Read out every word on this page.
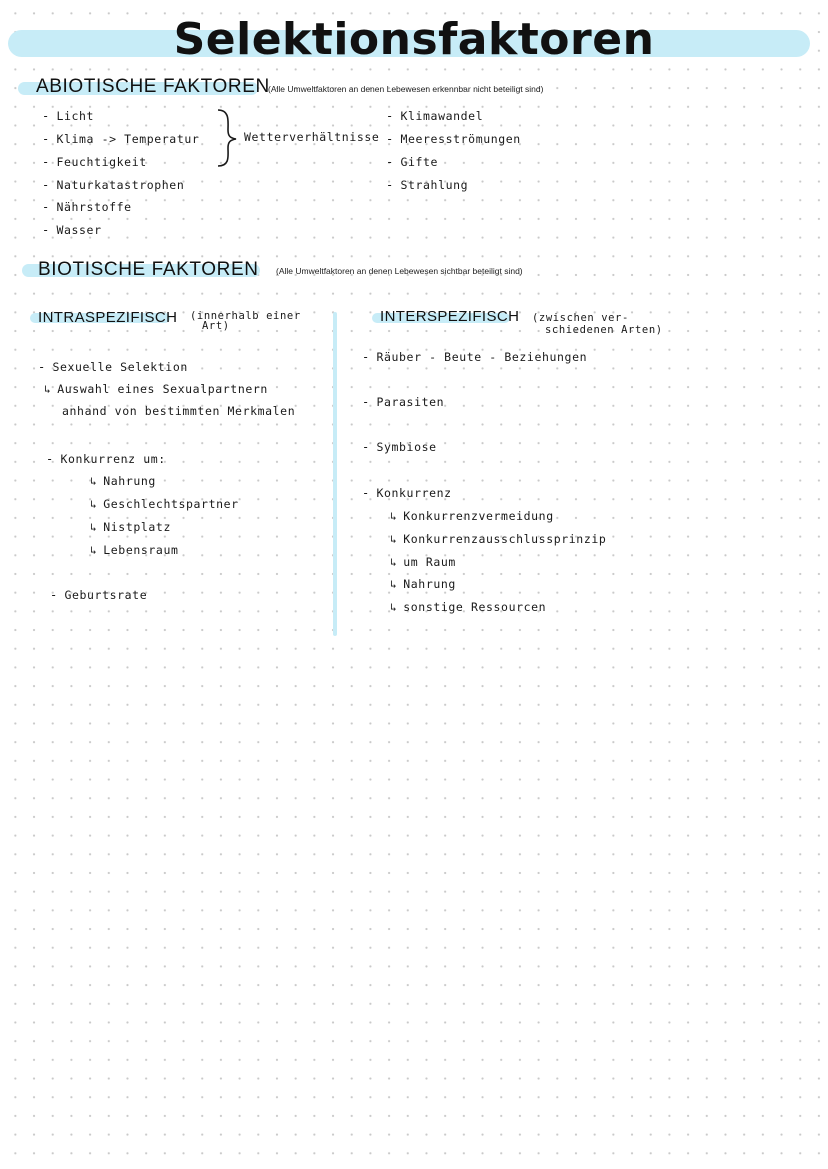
Selektionsfaktoren
ABIOTISCHE FAKTOREN
(Alle Umweltfaktoren an denen Lebewesen erkennbar nicht beteiligt sind)
- Licht
- Klima -> Temperatur
- Feuchtigkeit
- Naturkatastrophen
- Nährstoffe
- Wasser
Wetterverhältnisse
- Klimawandel
- Meeresströmungen
- Gifte
- Strahlung
BIOTISCHE FAKTOREN (Alle Umweltfaktoren an denen Lebewesen sichtbar beteiligt sind)
INTRASPEZIFISCH (innerhalb einer
Art)
- Sexuelle Selektion
↳ Auswahl eines Sexualpartnern
anhand von bestimmten Merkmalen
- Konkurrenz um:
↳ Nahrung
↳ Geschlechtspartner
↳ Nistplatz
↳ Lebensraum
- Geburtsrate
INTERSPEZIFISCH (zwischen ver-
schiedenen Arten)
- Räuber - Beute - Beziehungen
- Parasiten
- Symbiose
- Konkurrenz
↳ Konkurrenzvermeidung
↳ Konkurrenzausschlussprinzip
↳ um Raum
↳ Nahrung
↳ sonstige Ressourcen
